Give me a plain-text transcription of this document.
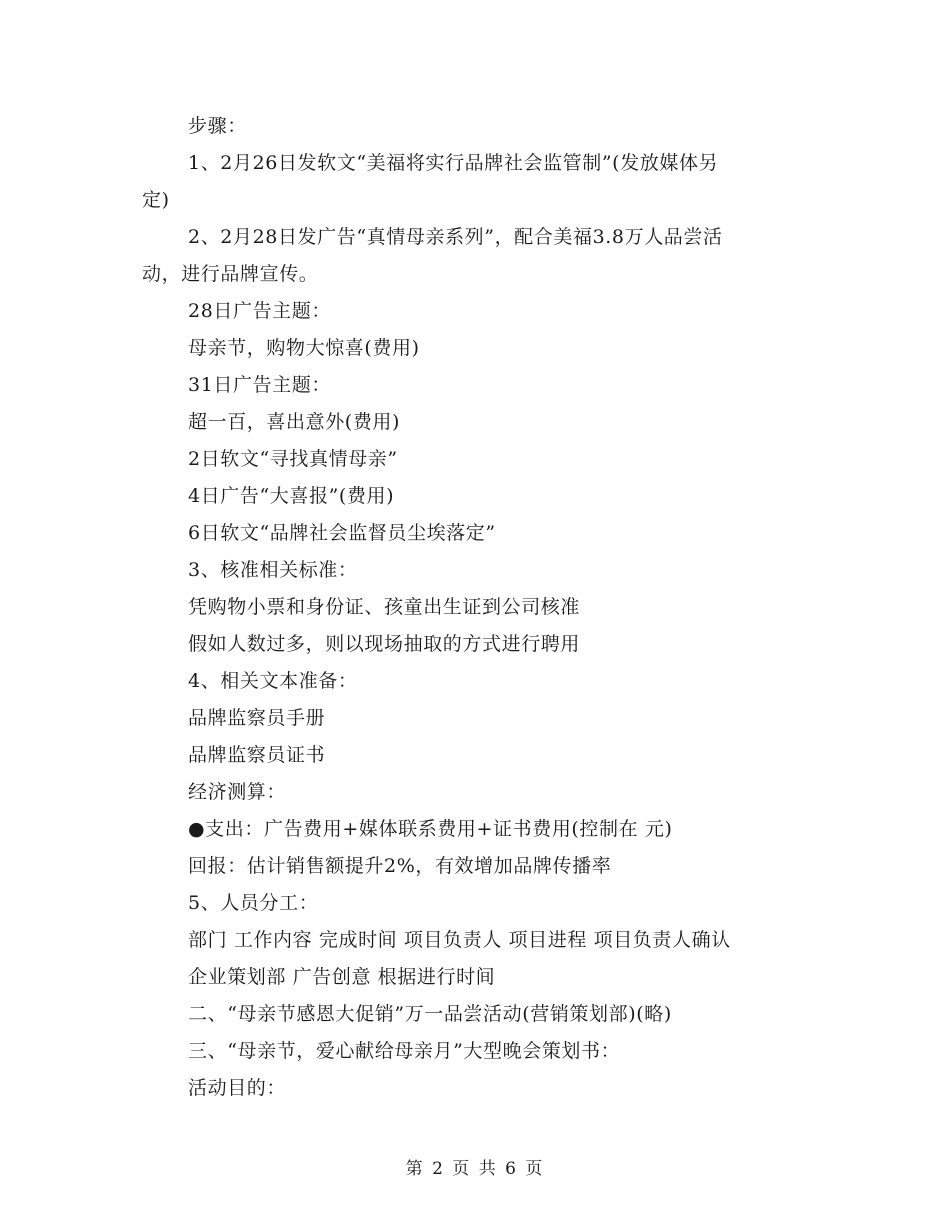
步骤：
1、2月26日发软文“美福将实行品牌社会监管制”(发放媒体另
定)
2、2月28日发广告“真情母亲系列”，配合美福3.8万人品尝活
动，进行品牌宣传。
28日广告主题：
母亲节，购物大惊喜(费用)
31日广告主题：
超一百，喜出意外(费用)
2日软文“寻找真情母亲”
4日广告“大喜报”(费用)
6日软文“品牌社会监督员尘埃落定”
3、核准相关标准：
凭购物小票和身份证、孩童出生证到公司核准
假如人数过多，则以现场抽取的方式进行聘用
4、相关文本准备：
品牌监察员手册
品牌监察员证书
经济测算：
●支出：广告费用+媒体联系费用+证书费用(控制在 元)
回报：估计销售额提升2%，有效增加品牌传播率
5、人员分工：
部门 工作内容 完成时间 项目负责人 项目进程 项目负责人确认
企业策划部 广告创意 根据进行时间
二、“母亲节感恩大促销”万一品尝活动(营销策划部)(略)
三、“母亲节，爱心献给母亲月”大型晚会策划书：
活动目的：
第 2 页 共 6 页
